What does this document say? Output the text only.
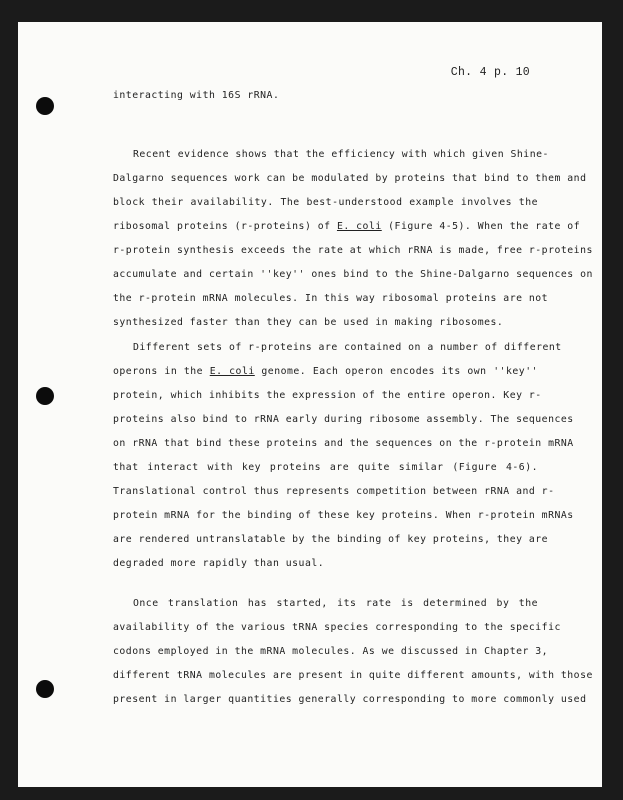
Ch. 4 p. 10
interacting with 16S rRNA.
Recent evidence shows that the efficiency with which given Shine-
Dalgarno sequences work can be modulated by proteins that bind to them and
block their availability. The best-understood example involves the
ribosomal proteins (r-proteins) of E. coli (Figure 4-5). When the rate of
r-protein synthesis exceeds the rate at which rRNA is made, free r-proteins
accumulate and certain ''key'' ones bind to the Shine-Dalgarno sequences on
the r-protein mRNA molecules. In this way ribosomal proteins are not
synthesized faster than they can be used in making ribosomes.
Different sets of r-proteins are contained on a number of different
operons in the E. coli genome. Each operon encodes its own ''key''
protein, which inhibits the expression of the entire operon. Key r-
proteins also bind to rRNA early during ribosome assembly. The sequences
on rRNA that bind these proteins and the sequences on the r-protein mRNA
that interact with key proteins are quite similar (Figure 4-6).
Translational control thus represents competition between rRNA and r-
protein mRNA for the binding of these key proteins. When r-protein mRNAs
are rendered untranslatable by the binding of key proteins, they are
degraded more rapidly than usual.
Once translation has started, its rate is determined by the
availability of the various tRNA species corresponding to the specific
codons employed in the mRNA molecules. As we discussed in Chapter 3,
different tRNA molecules are present in quite different amounts, with those
present in larger quantities generally corresponding to more commonly used
